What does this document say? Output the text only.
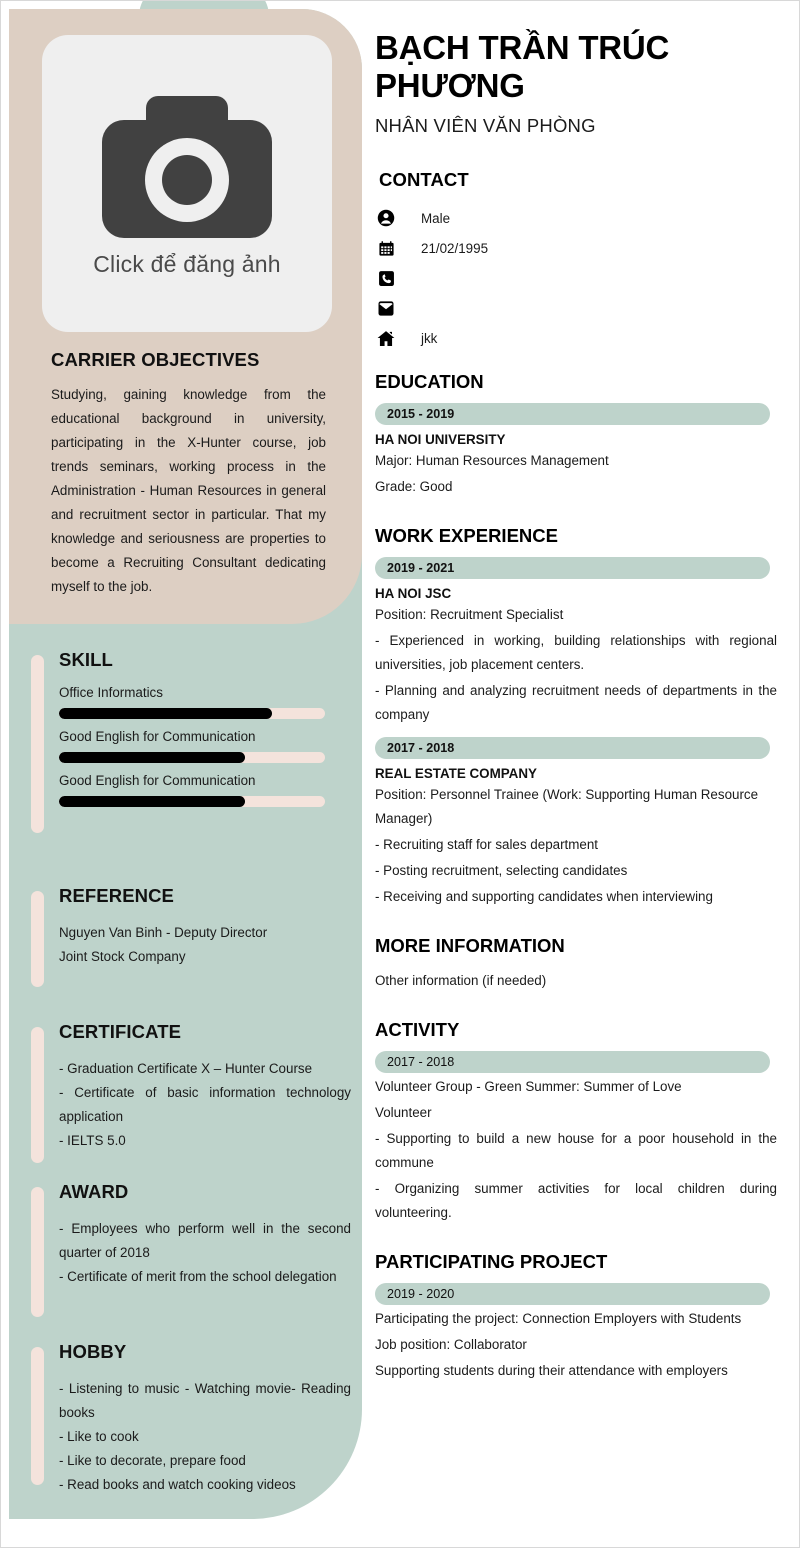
Click để đăng ảnh
CARRIER OBJECTIVES

Studying, gaining knowledge from the educational background in university, participating in the X-Hunter course, job trends seminars, working process in the Administration - Human Resources in general and recruitment sector in particular. That my knowledge and seriousness are properties to become a Recruiting Consultant dedicating myself to the job.

SKILL
Office Informatics
Good English for Communication
Good English for Communication
REFERENCE
Nguyen Van Binh - Deputy Director
Joint Stock Company
CERTIFICATE
- Graduation Certificate X – Hunter Course
- Certificate of basic information technology application
- IELTS 5.0
AWARD
- Employees who perform well in the second quarter of 2018
- Certificate of merit from the school delegation
HOBBY
- Listening to music - Watching movie- Reading books
- Like to cook
- Like to decorate, prepare food
- Read books and watch cooking videos
BẠCH TRẦN TRÚC PHƯƠNG
NHÂN VIÊN VĂN PHÒNG
CONTACT
Male
21/02/1995
jkk
EDUCATION
2015 - 2019
HA NOI UNIVERSITY
Major: Human Resources Management
Grade: Good
WORK EXPERIENCE
2019 - 2021
HA NOI JSC
Position: Recruitment Specialist
- Experienced in working, building relationships with regional universities, job placement centers.
- Planning and analyzing recruitment needs of departments in the company
2017 - 2018
REAL ESTATE COMPANY
Position: Personnel Trainee (Work: Supporting Human Resource Manager)
- Recruiting staff for sales department
- Posting recruitment, selecting candidates
- Receiving and supporting candidates when interviewing
MORE INFORMATION
Other information (if needed)
ACTIVITY
2017 - 2018
Volunteer Group - Green Summer: Summer of Love
Volunteer
- Supporting to build a new house for a poor household in the commune
- Organizing summer activities for local children during volunteering.
PARTICIPATING PROJECT
2019 - 2020
Participating the project: Connection Employers with Students
Job position: Collaborator
Supporting students during their attendance with employers
